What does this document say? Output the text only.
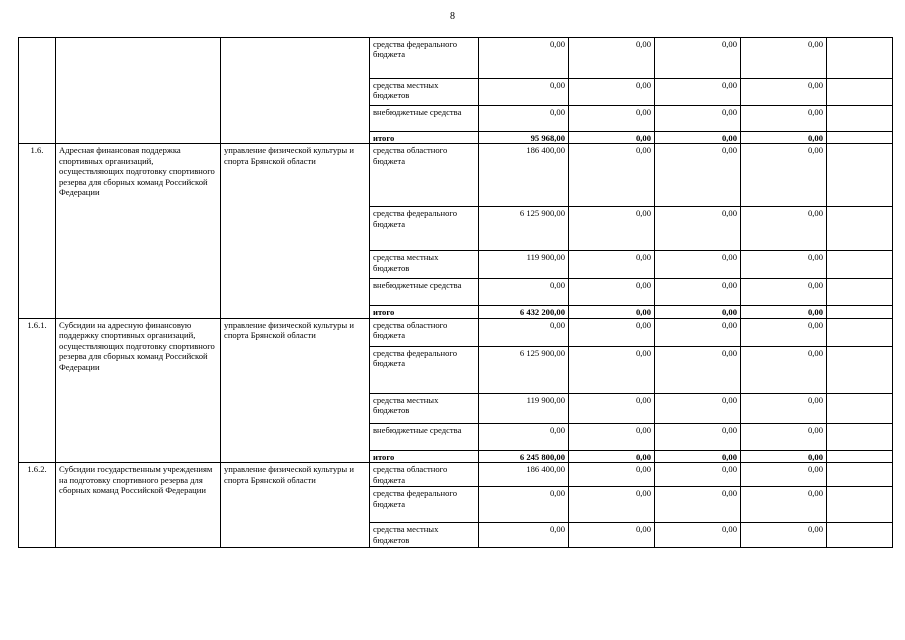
8
			средства федерального бюджета	0,00	0,00	0,00	0,00	
			средства местных бюджетов	0,00	0,00	0,00	0,00	
			внебюджетные средства	0,00	0,00	0,00	0,00	
			итого	95 968,00	0,00	0,00	0,00	
1.6.	Адресная финансовая поддержка спортивных организаций, осуществляющих подготовку спортивного резерва для сборных команд Российской Федерации	управление физической культуры и спорта Брянской области	средства областного бюджета	186 400,00	0,00	0,00	0,00	
			средства федерального бюджета	6 125 900,00	0,00	0,00	0,00	
			средства местных бюджетов	119 900,00	0,00	0,00	0,00	
			внебюджетные средства	0,00	0,00	0,00	0,00	
			итого	6 432 200,00	0,00	0,00	0,00	
1.6.1.	Субсидии на адресную финансовую поддержку спортивных организаций, осуществляющих подготовку спортивного резерва для сборных команд Российской Федерации	управление физической культуры и спорта Брянской области	средства областного бюджета	0,00	0,00	0,00	0,00	
			средства федерального бюджета	6 125 900,00	0,00	0,00	0,00	
			средства местных бюджетов	119 900,00	0,00	0,00	0,00	
			внебюджетные средства	0,00	0,00	0,00	0,00	
			итого	6 245 800,00	0,00	0,00	0,00	
1.6.2.	Субсидии государственным учреждениям на подготовку спортивного резерва для сборных команд Российской Федерации	управление физической культуры и спорта Брянской области	средства областного бюджета	186 400,00	0,00	0,00	0,00	
			средства федерального бюджета	0,00	0,00	0,00	0,00	
			средства местных бюджетов	0,00	0,00	0,00	0,00	
